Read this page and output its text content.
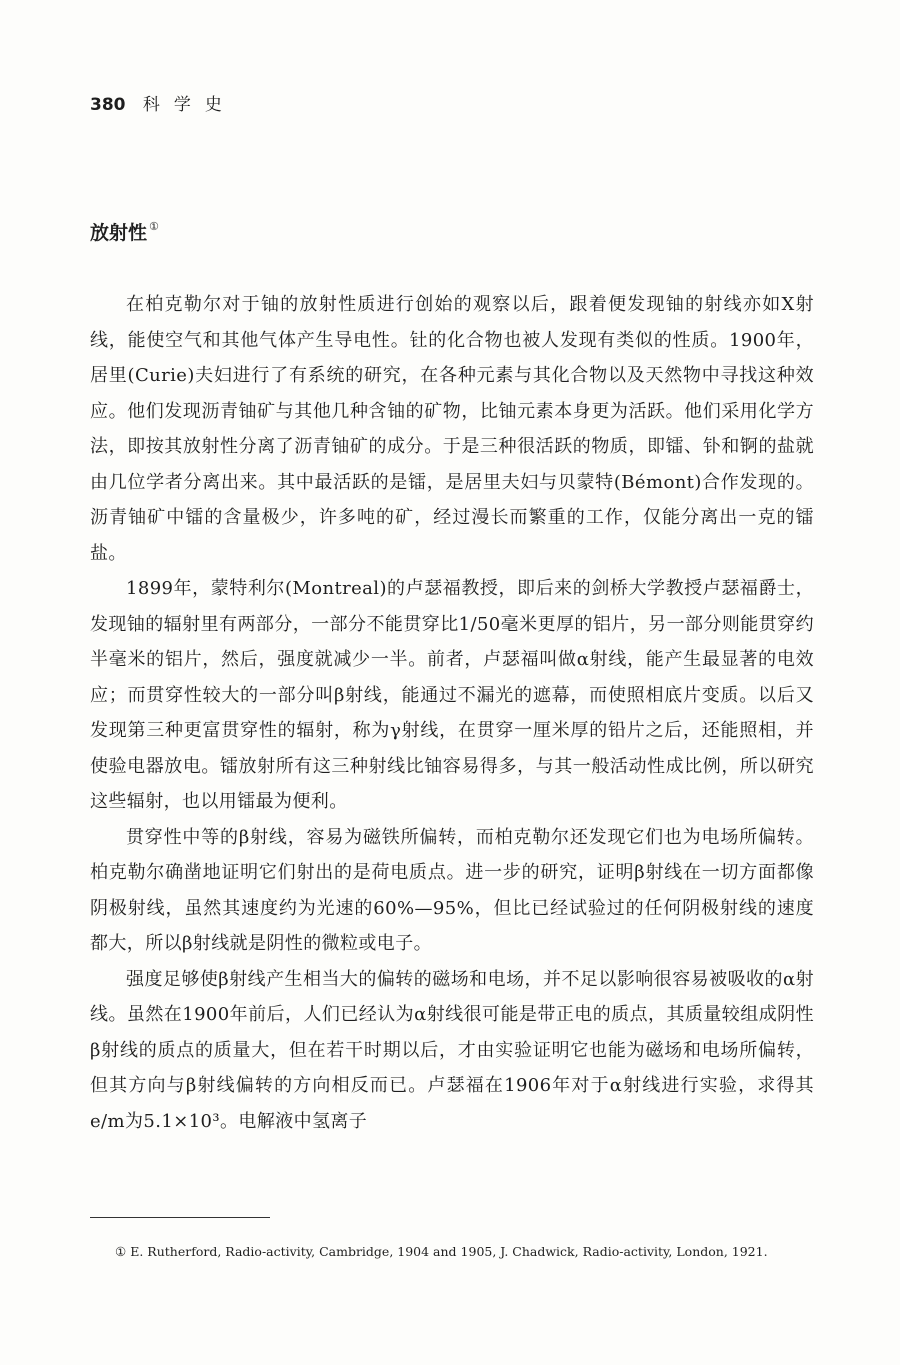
380 科学史
放射性 ①

在柏克勒尔对于铀的放射性质进行创始的观察以后，跟着便发现铀的射线亦如X射线，能使空气和其他气体产生导电性。钍的化合物也被人发现有类似的性质。1900年，居里(Curie)夫妇进行了有系统的研究，在各种元素与其化合物以及天然物中寻找这种效应。他们发现沥青铀矿与其他几种含铀的矿物，比铀元素本身更为活跃。他们采用化学方法，即按其放射性分离了沥青铀矿的成分。于是三种很活跃的物质，即镭、钋和锕的盐就由几位学者分离出来。其中最活跃的是镭，是居里夫妇与贝蒙特(Bémont)合作发现的。沥青铀矿中镭的含量极少，许多吨的矿，经过漫长而繁重的工作，仅能分离出一克的镭盐。

1899年，蒙特利尔(Montreal)的卢瑟福教授，即后来的剑桥大学教授卢瑟福爵士，发现铀的辐射里有两部分，一部分不能贯穿比1/50毫米更厚的铝片，另一部分则能贯穿约半毫米的铝片，然后，强度就减少一半。前者，卢瑟福叫做α射线，能产生最显著的电效应；而贯穿性较大的一部分叫β射线，能通过不漏光的遮幕，而使照相底片变质。以后又发现第三种更富贯穿性的辐射，称为γ射线，在贯穿一厘米厚的铅片之后，还能照相，并使验电器放电。镭放射所有这三种射线比铀容易得多，与其一般活动性成比例，所以研究这些辐射，也以用镭最为便利。

贯穿性中等的β射线，容易为磁铁所偏转，而柏克勒尔还发现它们也为电场所偏转。柏克勒尔确凿地证明它们射出的是荷电质点。进一步的研究，证明β射线在一切方面都像阴极射线，虽然其速度约为光速的60%—95%，但比已经试验过的任何阴极射线的速度都大，所以β射线就是阴性的微粒或电子。

强度足够使β射线产生相当大的偏转的磁场和电场，并不足以影响很容易被吸收的α射线。虽然在1900年前后，人们已经认为α射线很可能是带正电的质点，其质量较组成阴性β射线的质点的质量大，但在若干时期以后，才由实验证明它也能为磁场和电场所偏转，但其方向与β射线偏转的方向相反而已。卢瑟福在1906年对于α射线进行实验，求得其e/m为5.1×10³。电解液中氢离子

① E. Rutherford, Radio-activity, Cambridge, 1904 and 1905, J. Chadwick, Radio-activity, London, 1921.
